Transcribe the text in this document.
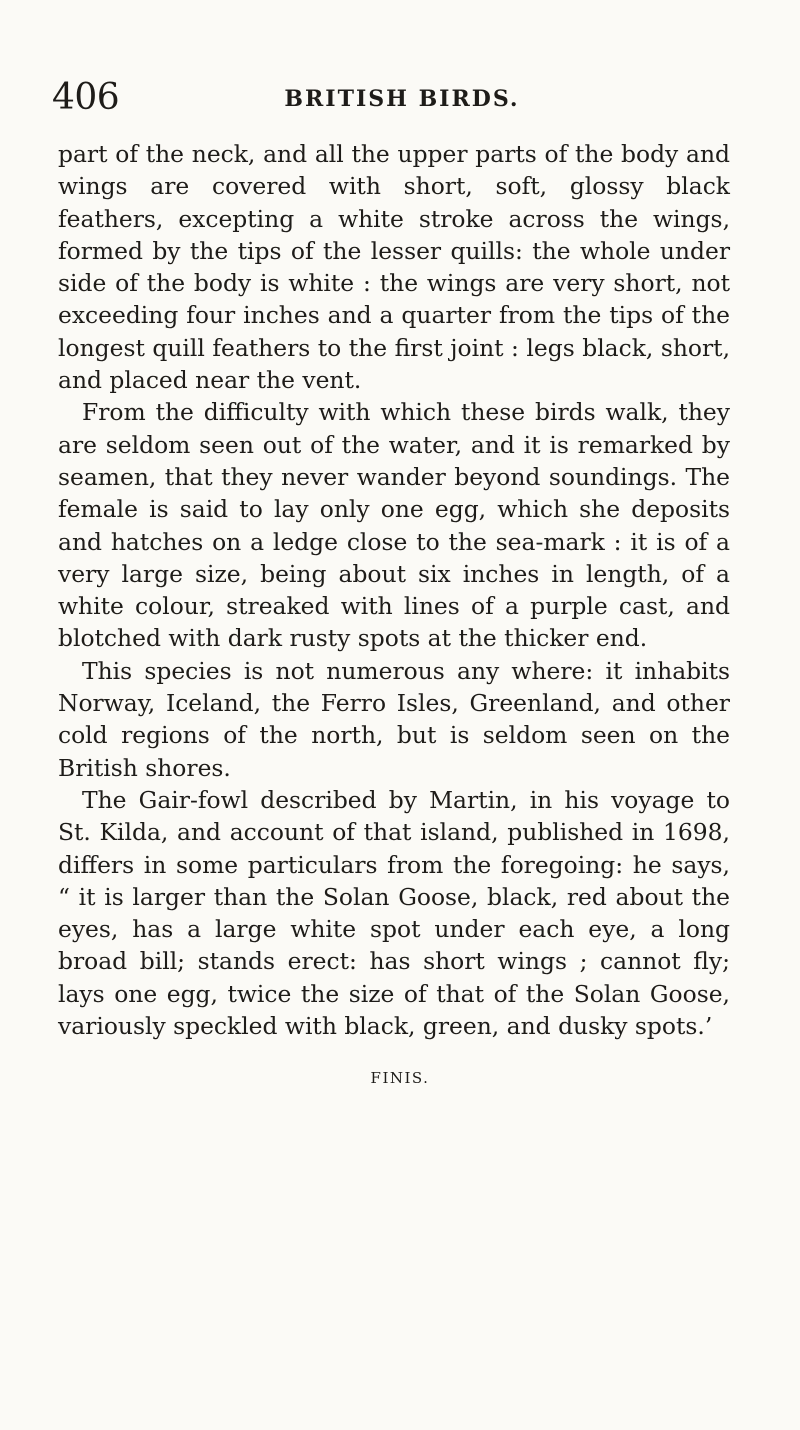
406	BRITISH BIRDS.

part of the neck, and all the upper parts of the body and wings are covered with short, soft, glossy black feathers, excepting a white stroke across the wings, formed by the tips of the lesser quills: the whole under side of the body is white : the wings are very short, not exceeding four inches and a quarter from the tips of the longest quill feathers to the first joint : legs black, short, and placed near the vent.

From the difficulty with which these birds walk, they are seldom seen out of the water, and it is remarked by seamen, that they never wander beyond soundings. The female is said to lay only one egg, which she deposits and hatches on a ledge close to the sea-mark : it is of a very large size, being about six inches in length, of a white colour, streaked with lines of a purple cast, and blotched with dark rusty spots at the thicker end.

This species is not numerous any where: it inhabits Norway, Iceland, the Ferro Isles, Greenland, and other cold regions of the north, but is seldom seen on the British shores.

The Gair-fowl described by Martin, in his voyage to St. Kilda, and account of that island, published in 1698, differs in some particulars from the foregoing: he says, “ it is larger than the Solan Goose, black, red about the eyes, has a large white spot under each eye, a long broad bill; stands erect: has short wings ; cannot fly; lays one egg, twice the size of that of the Solan Goose, variously speckled with black, green, and dusky spots.’

FINIS.
